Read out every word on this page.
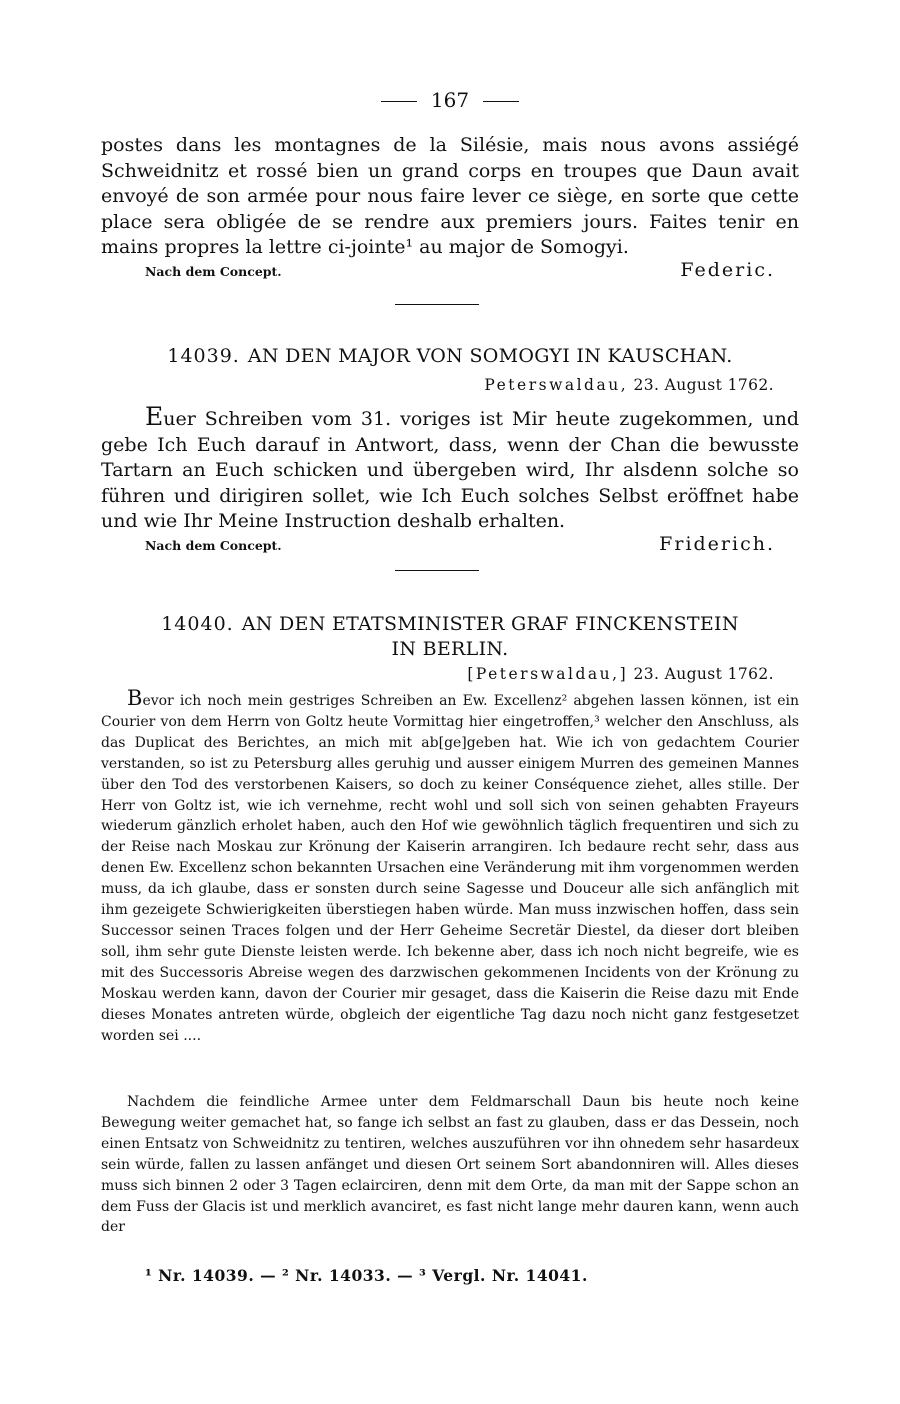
167
postes dans les montagnes de la Silésie, mais nous avons assiégé Schweidnitz et rossé bien un grand corps en troupes que Daun avait envoyé de son armée pour nous faire lever ce siège, en sorte que cette place sera obligée de se rendre aux premiers jours. Faites tenir en mains propres la lettre ci-jointe¹ au major de Somogyi.
Nach dem Concept.	Federic.
14039. AN DEN MAJOR VON SOMOGYI IN KAUSCHAN.
Peterswaldau, 23. August 1762.
Euer Schreiben vom 31. voriges ist Mir heute zugekommen, und gebe Ich Euch darauf in Antwort, dass, wenn der Chan die bewusste Tartarn an Euch schicken und übergeben wird, Ihr alsdenn solche so führen und dirigiren sollet, wie Ich Euch solches Selbst eröffnet habe und wie Ihr Meine Instruction deshalb erhalten.
Nach dem Concept.	Friderich.
14040. AN DEN ETATSMINISTER GRAF FINCKENSTEIN
IN BERLIN.
[Peterswaldau,] 23. August 1762.
Bevor ich noch mein gestriges Schreiben an Ew. Excellenz² abgehen lassen können, ist ein Courier von dem Herrn von Goltz heute Vormittag hier eingetroffen,³ welcher den Anschluss, als das Duplicat des Berichtes, an mich mit ab[ge]geben hat. Wie ich von gedachtem Courier verstanden, so ist zu Petersburg alles geruhig und ausser einigem Murren des gemeinen Mannes über den Tod des verstorbenen Kaisers, so doch zu keiner Conséquence ziehet, alles stille. Der Herr von Goltz ist, wie ich vernehme, recht wohl und soll sich von seinen gehabten Frayeurs wiederum gänzlich erholet haben, auch den Hof wie gewöhnlich täglich frequentiren und sich zu der Reise nach Moskau zur Krönung der Kaiserin arrangiren. Ich bedaure recht sehr, dass aus denen Ew. Excellenz schon bekannten Ursachen eine Veränderung mit ihm vorgenommen werden muss, da ich glaube, dass er sonsten durch seine Sagesse und Douceur alle sich anfänglich mit ihm gezeigete Schwierigkeiten überstiegen haben würde. Man muss inzwischen hoffen, dass sein Successor seinen Traces folgen und der Herr Geheime Secretär Diestel, da dieser dort bleiben soll, ihm sehr gute Dienste leisten werde. Ich bekenne aber, dass ich noch nicht begreife, wie es mit des Successoris Abreise wegen des darzwischen gekommenen Incidents von der Krönung zu Moskau werden kann, davon der Courier mir gesaget, dass die Kaiserin die Reise dazu mit Ende dieses Monates antreten würde, obgleich der eigentliche Tag dazu noch nicht ganz festgesetzet worden sei ....
Nachdem die feindliche Armee unter dem Feldmarschall Daun bis heute noch keine Bewegung weiter gemachet hat, so fange ich selbst an fast zu glauben, dass er das Dessein, noch einen Entsatz von Schweidnitz zu tentiren, welches auszuführen vor ihn ohnedem sehr hasardeux sein würde, fallen zu lassen anfänget und diesen Ort seinem Sort abandonniren will. Alles dieses muss sich binnen 2 oder 3 Tagen eclairciren, denn mit dem Orte, da man mit der Sappe schon an dem Fuss der Glacis ist und merklich avanciret, es fast nicht lange mehr dauren kann, wenn auch der
¹ Nr. 14039. — ² Nr. 14033. — ³ Vergl. Nr. 14041.
